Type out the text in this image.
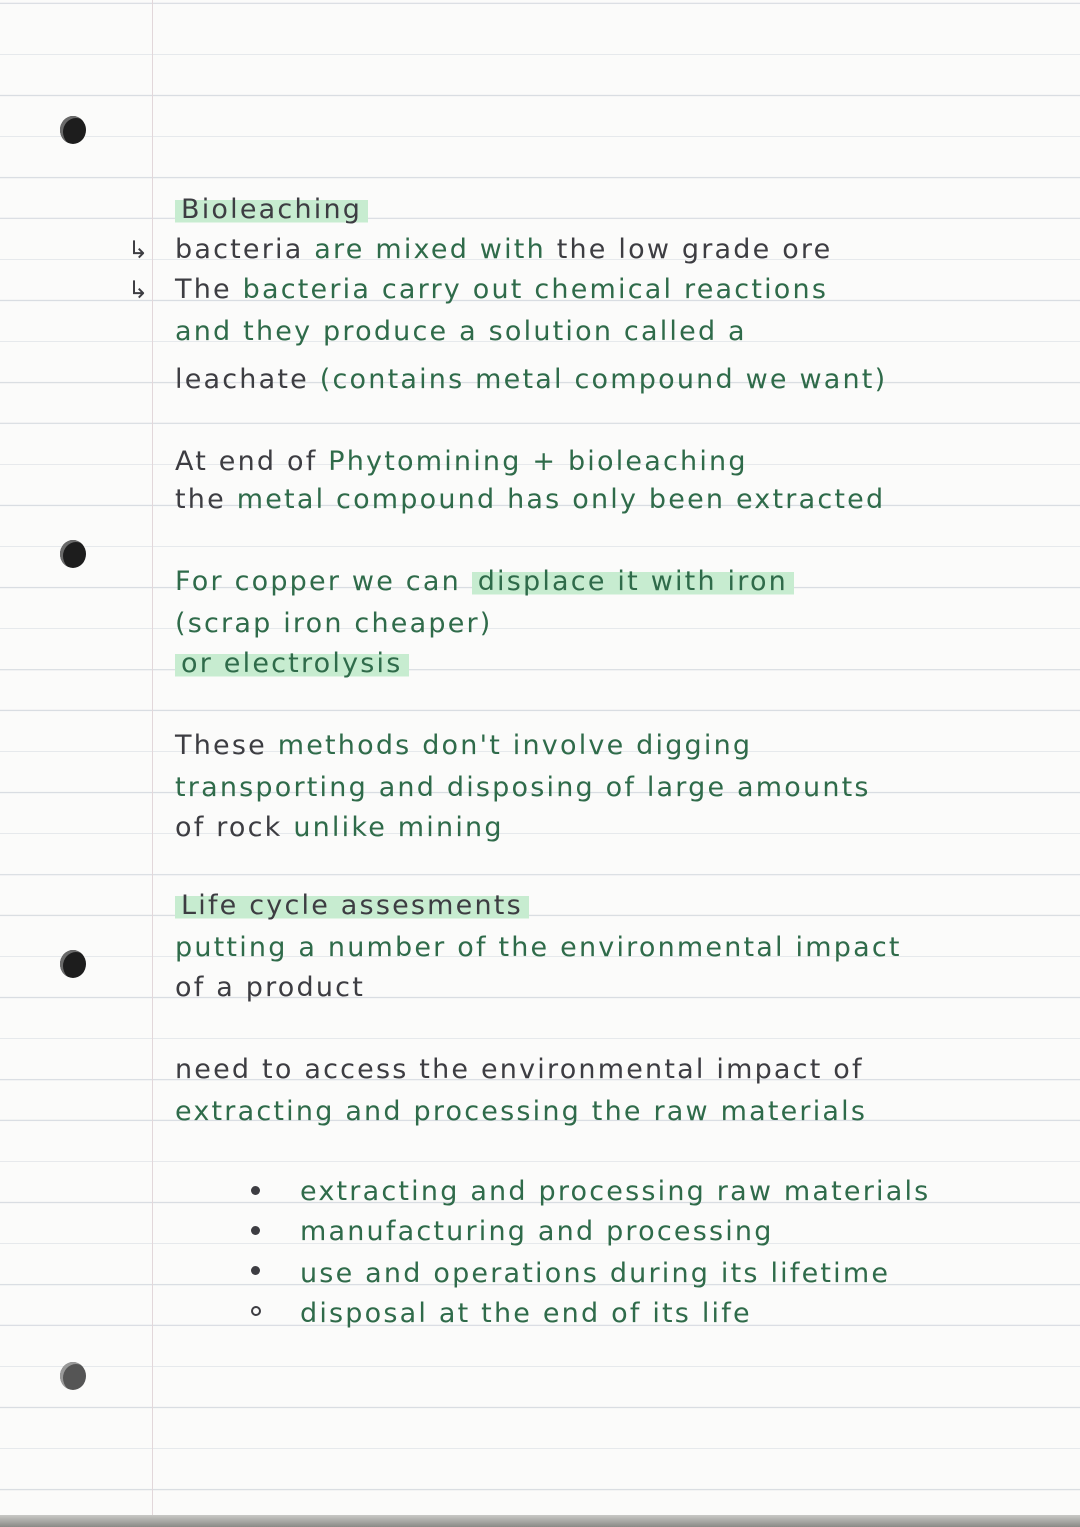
Bioleaching
↳ bacteria are mixed with the low grade ore
↳ The bacteria carry out chemical reactions
and they produce a solution called a
leachate (contains metal compound we want)
At end of Phytomining + bioleaching
the metal compound has only been extracted
For copper we can displace it with iron
(scrap iron cheaper)
or electrolysis
These methods don't involve digging
transporting and disposing of large amounts
of rock unlike mining
Life cycle assesments
putting a number of the environmental impact
of a product
need to access the environmental impact of
extracting and processing the raw materials
extracting and processing raw materials
manufacturing and processing
use and operations during its lifetime
disposal at the end of its life
